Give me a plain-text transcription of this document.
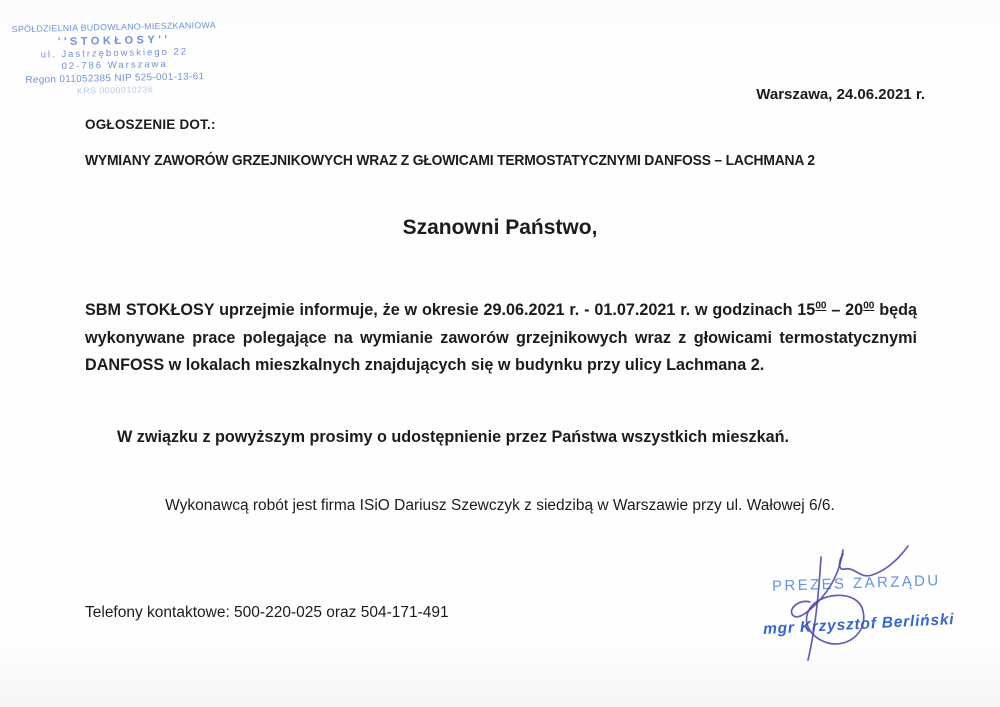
SPÓŁDZIELNIA BUDOWLANO-MIESZKANIOWA
''STOKŁOSY''
ul. Jastrzębowskiego 22
02-786 Warszawa
Regon 011052385 NIP 525-001-13-61
KRS 0000010236	Warszawa, 24.06.2021 r.
OGŁOSZENIE DOT.:
WYMIANY ZAWORÓW GRZEJNIKOWYCH WRAZ Z GŁOWICAMI TERMOSTATYCZNYMI DANFOSS – LACHMANA 2
Szanowni Państwo,
SBM STOKŁOSY uprzejmie informuje, że w okresie 29.06.2021 r. - 01.07.2021 r. w godzinach $15^{00} - 20^{00}$ będą wykonywane prace polegające na wymianie zaworów grzejnikowych wraz z głowicami termostatycznymi DANFOSS w lokalach mieszkalnych znajdujących się w budynku przy ulicy Lachmana 2.
W związku z powyższym prosimy o udostępnienie przez Państwa wszystkich mieszkań.
Wykonawcą robót jest firma ISiO Dariusz Szewczyk z siedzibą w Warszawie przy ul. Wałowej 6/6.
Telefony kontaktowe: 500-220-025 oraz 504-171-491
PREZES ZARZĄDU
mgr Krzysztof Berliński
